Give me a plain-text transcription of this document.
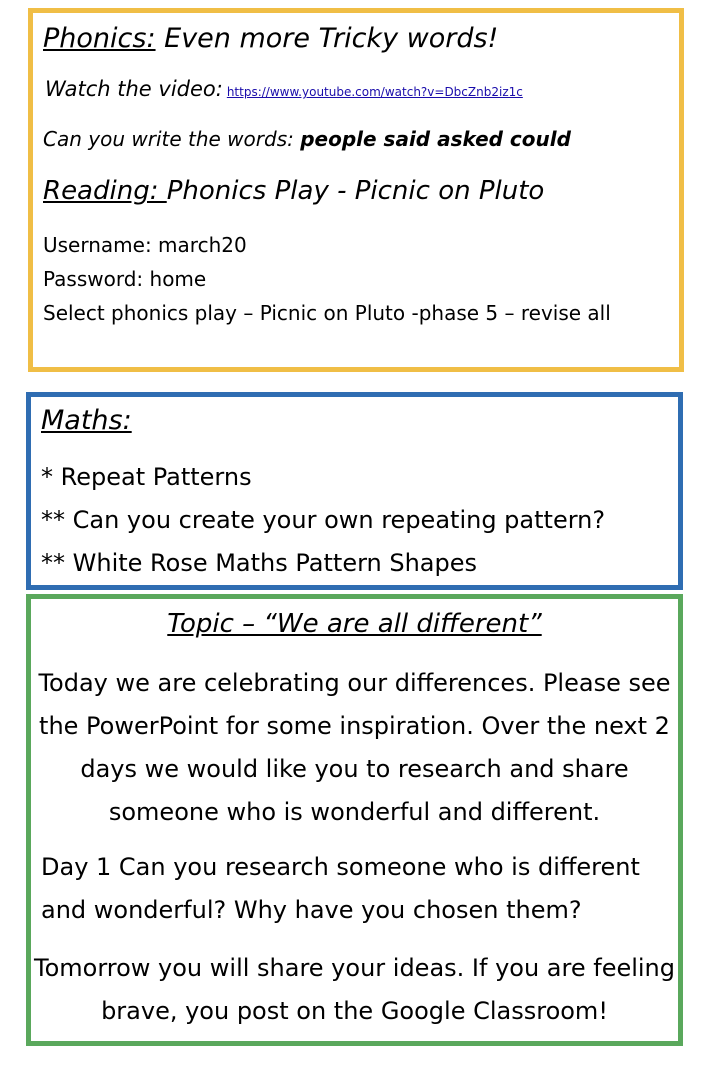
Phonics: Even more Tricky words!
Watch the video: https://www.youtube.com/watch?v=DbcZnb2iz1c
Can you write the words: people said asked could
Reading: Phonics Play - Picnic on Pluto
Username: march20
Password: home
Select phonics play – Picnic on Pluto -phase 5 – revise all
Maths:
* Repeat Patterns
** Can you create your own repeating pattern?
** White Rose Maths Pattern Shapes
Topic – “We are all different”
Today we are celebrating our differences. Please see the PowerPoint for some inspiration. Over the next 2 days we would like you to research and share someone who is wonderful and different.
Day 1 Can you research someone who is different and wonderful? Why have you chosen them?
Tomorrow you will share your ideas. If you are feeling brave, you post on the Google Classroom!
